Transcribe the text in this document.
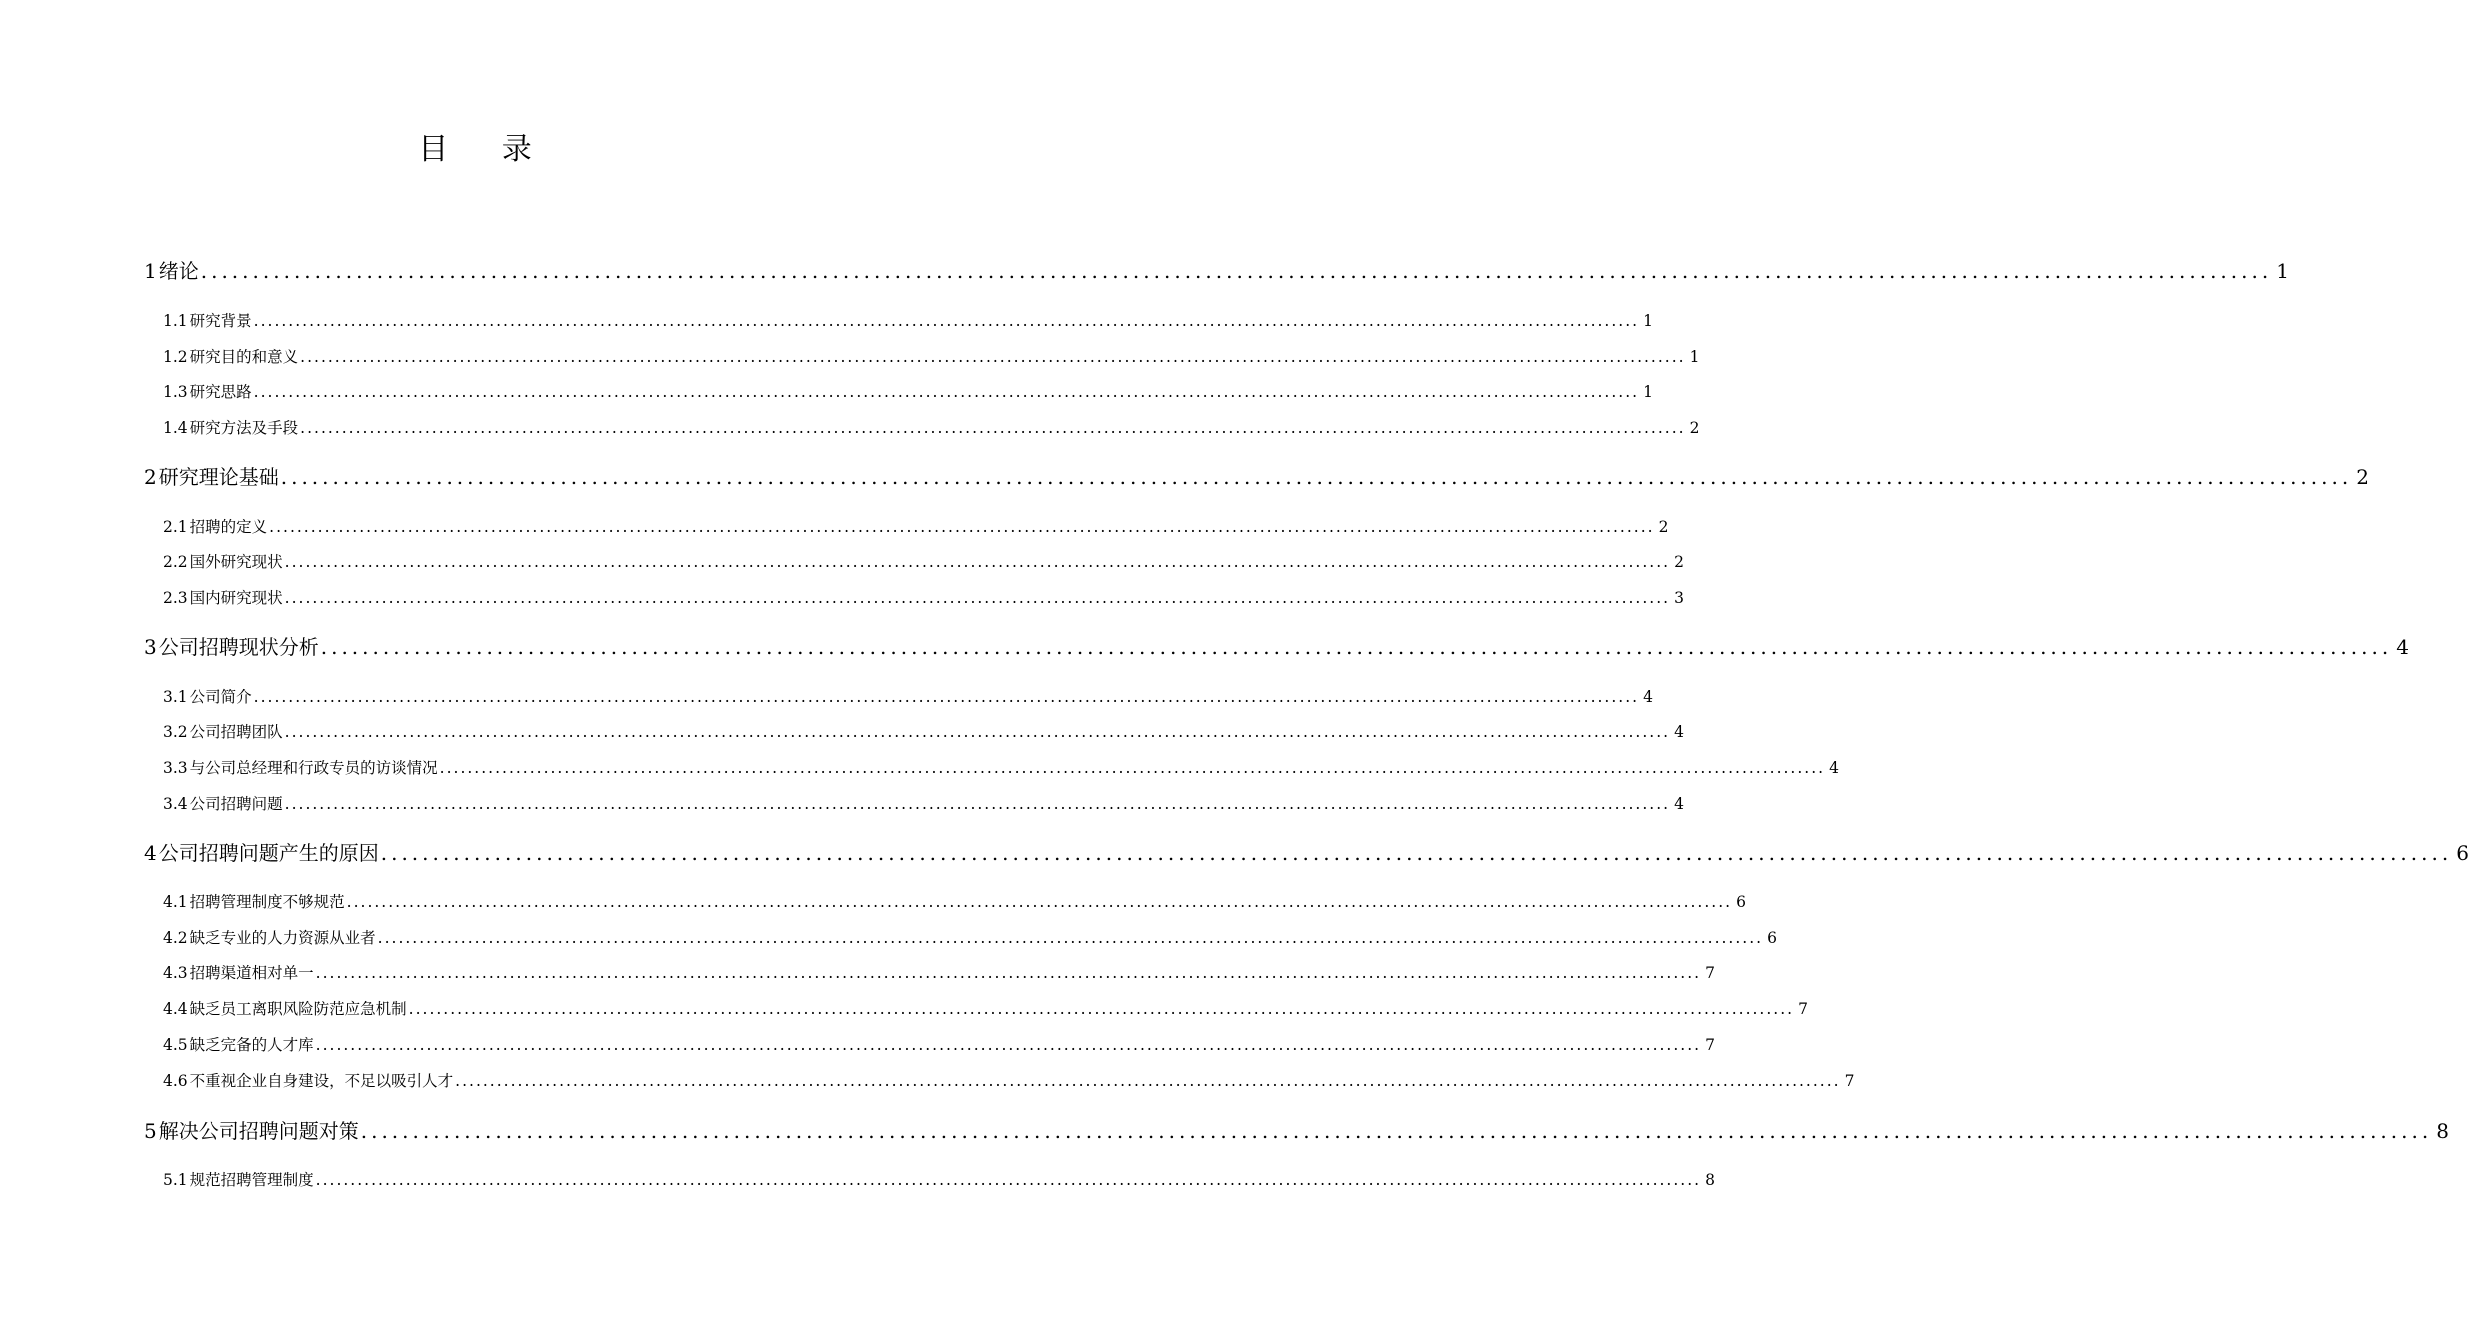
目 录
1 绪论 ........................................................................................................................................................................................................ 1
1.1 研究背景 ........................................................................................................................................................................................................ 1
1.2 研究目的和意义 ........................................................................................................................................................................................................ 1
1.3 研究思路 ........................................................................................................................................................................................................ 1
1.4 研究方法及手段 ........................................................................................................................................................................................................ 2
2 研究理论基础 ........................................................................................................................................................................................................ 2
2.1 招聘的定义 ........................................................................................................................................................................................................ 2
2.2 国外研究现状 ........................................................................................................................................................................................................ 2
2.3 国内研究现状 ........................................................................................................................................................................................................ 3
3 公司招聘现状分析 ........................................................................................................................................................................................................ 4
3.1 公司简介 ........................................................................................................................................................................................................ 4
3.2 公司招聘团队 ........................................................................................................................................................................................................ 4
3.3 与公司总经理和行政专员的访谈情况 ........................................................................................................................................................................................................ 4
3.4 公司招聘问题 ........................................................................................................................................................................................................ 4
4 公司招聘问题产生的原因 ........................................................................................................................................................................................................ 6
4.1 招聘管理制度不够规范 ........................................................................................................................................................................................................ 6
4.2 缺乏专业的人力资源从业者 ........................................................................................................................................................................................................ 6
4.3 招聘渠道相对单一 ........................................................................................................................................................................................................ 7
4.4 缺乏员工离职风险防范应急机制 ........................................................................................................................................................................................................ 7
4.5 缺乏完备的人才库 ........................................................................................................................................................................................................ 7
4.6 不重视企业自身建设，不足以吸引人才 ........................................................................................................................................................................................................ 7
5 解决公司招聘问题对策 ........................................................................................................................................................................................................ 8
5.1 规范招聘管理制度 ........................................................................................................................................................................................................ 8
